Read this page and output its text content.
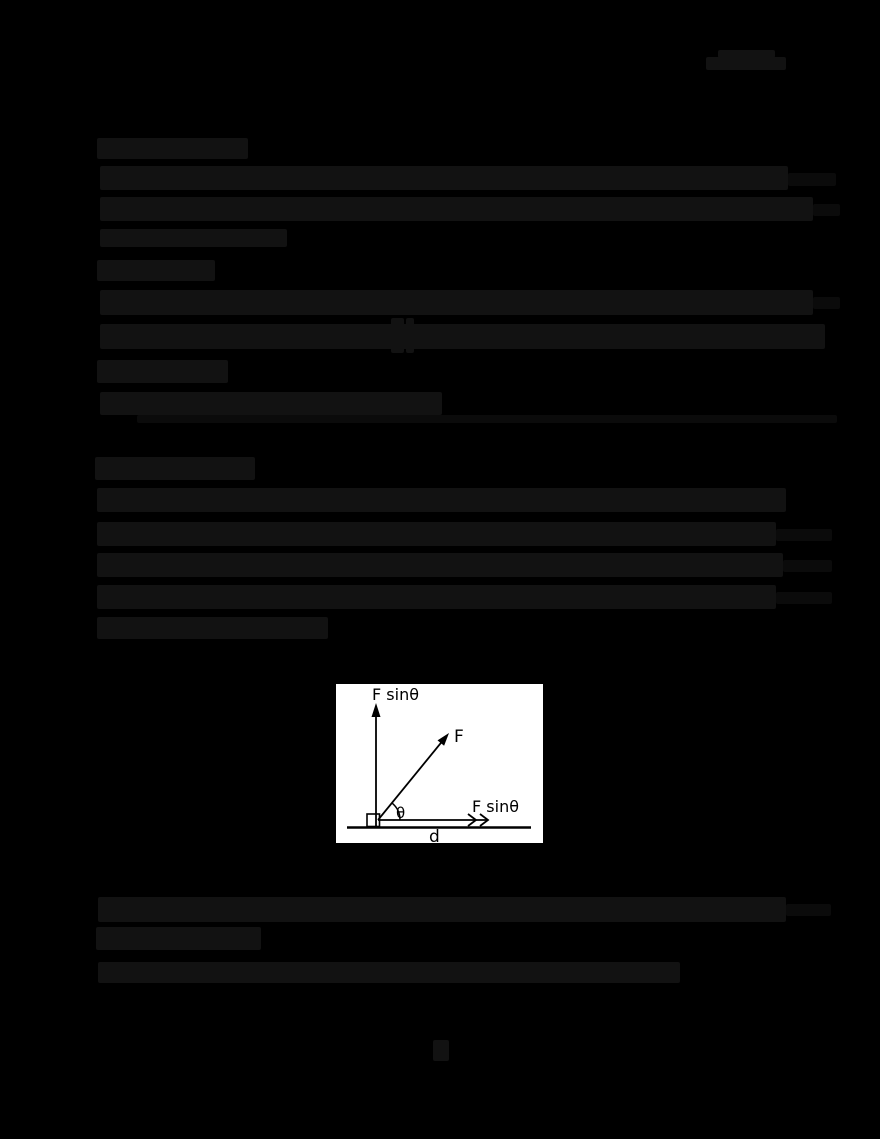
F sinθ
F
F sinθ
θ
d
